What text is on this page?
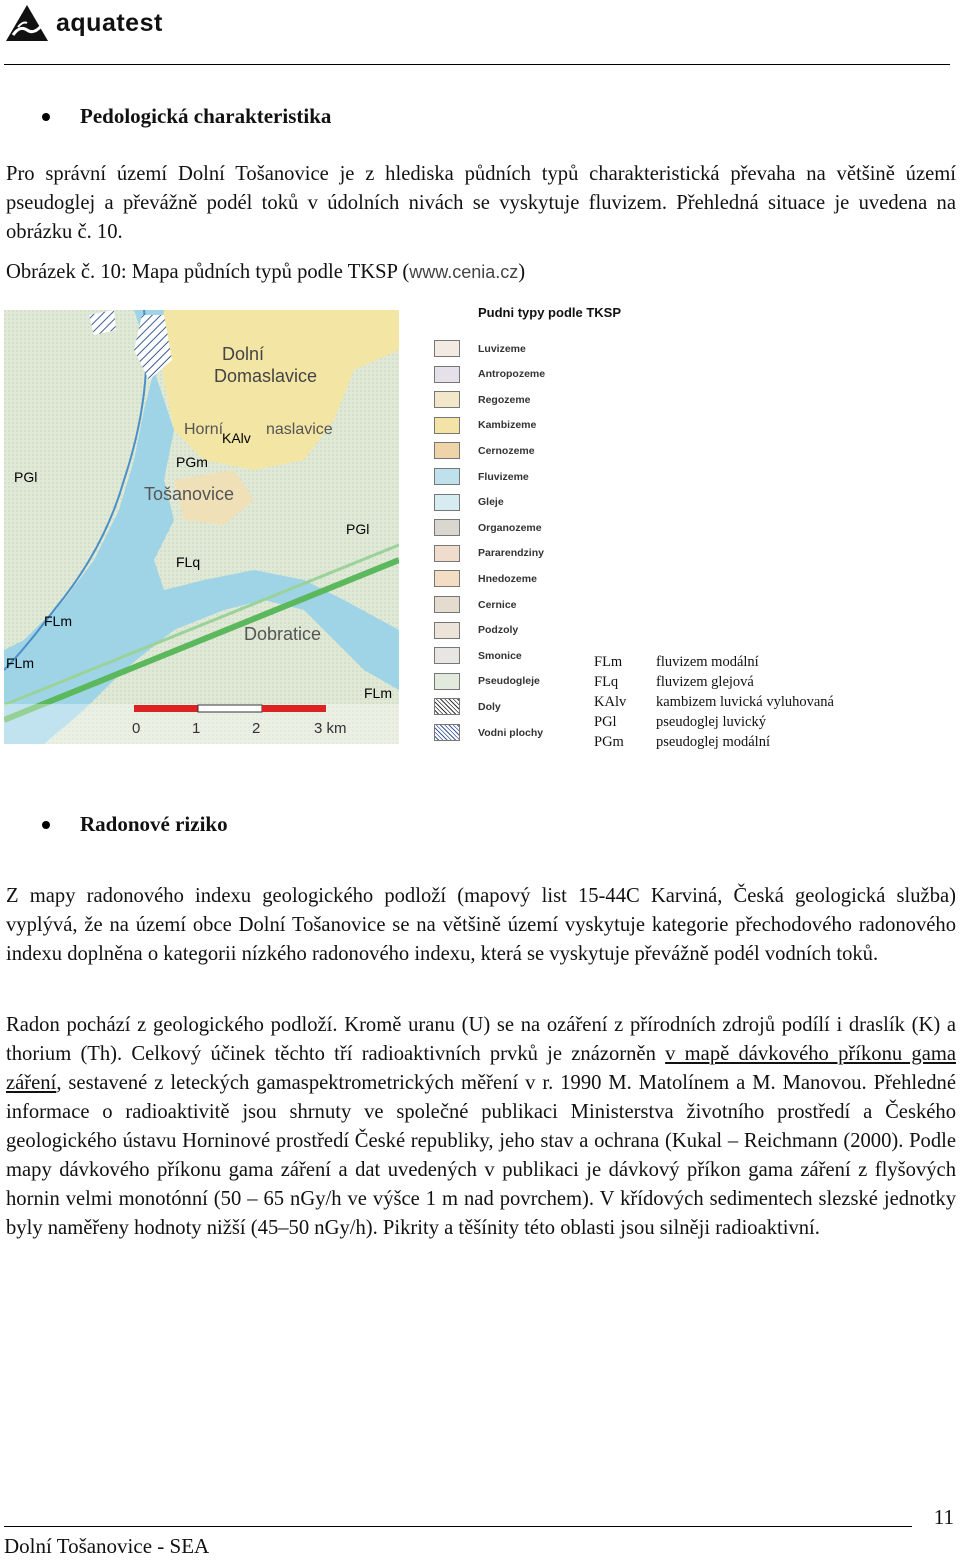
aquatest
Pedologická charakteristika
Pro správní území Dolní Tošanovice je z hlediska půdních typů charakteristická převaha na většině území pseudoglej a převážně podél toků v údolních nivách se vyskytuje fluvizem. Přehledná situace je uvedena na obrázku č. 10.
Obrázek č. 10: Mapa půdních typů podle TKSP (www.cenia.cz)
Dolní
Domaslavice
KAlv
PGm
Tošanovice
PGl
PGl
FLq
FLm
FLm
Dobratice
FLm
Horní	naslavice
0	1	2	3 km
Pudni typy podle TKSP
Luvizeme
Antropozeme
Regozeme
Kambizeme
Cernozeme
Fluvizeme
Gleje
Organozeme
Pararendziny
Hnedozeme
Cernice
Podzoly
Smonice
Pseudogleje
Doly
Vodni plochy
FLm	fluvizem modální
FLq	fluvizem glejová
KAlv	kambizem luvická vyluhovaná
PGl	pseudoglej luvický
PGm	pseudoglej modální
Radonové riziko
Z mapy radonového indexu geologického podloží (mapový list 15-44C Karviná, Česká geologická služba) vyplývá, že na území obce Dolní Tošanovice se na většině území vyskytuje kategorie přechodového radonového indexu doplněna o kategorii nízkého radonového indexu, která se vyskytuje převážně podél vodních toků.
Radon pochází z geologického podloží. Kromě uranu (U) se na ozáření z přírodních zdrojů podílí i draslík (K) a thorium (Th). Celkový účinek těchto tří radioaktivních prvků je znázorněn v mapě dávkového příkonu gama záření, sestavené z leteckých gamaspektrometrických měření v r. 1990 M. Matolínem a M. Manovou. Přehledné informace o radioaktivitě jsou shrnuty ve společné publikaci Ministerstva životního prostředí a Českého geologického ústavu Horninové prostředí České republiky, jeho stav a ochrana (Kukal – Reichmann (2000). Podle mapy dávkového příkonu gama záření a dat uvedených v publikaci je dávkový příkon gama záření z flyšových hornin velmi monotónní (50 – 65 nGy/h ve výšce 1 m nad povrchem). V křídových sedimentech slezské jednotky byly naměřeny hodnoty nižší (45–50 nGy/h). Pikrity a těšínity této oblasti jsou silněji radioaktivní.
11
Dolní Tošanovice - SEA
